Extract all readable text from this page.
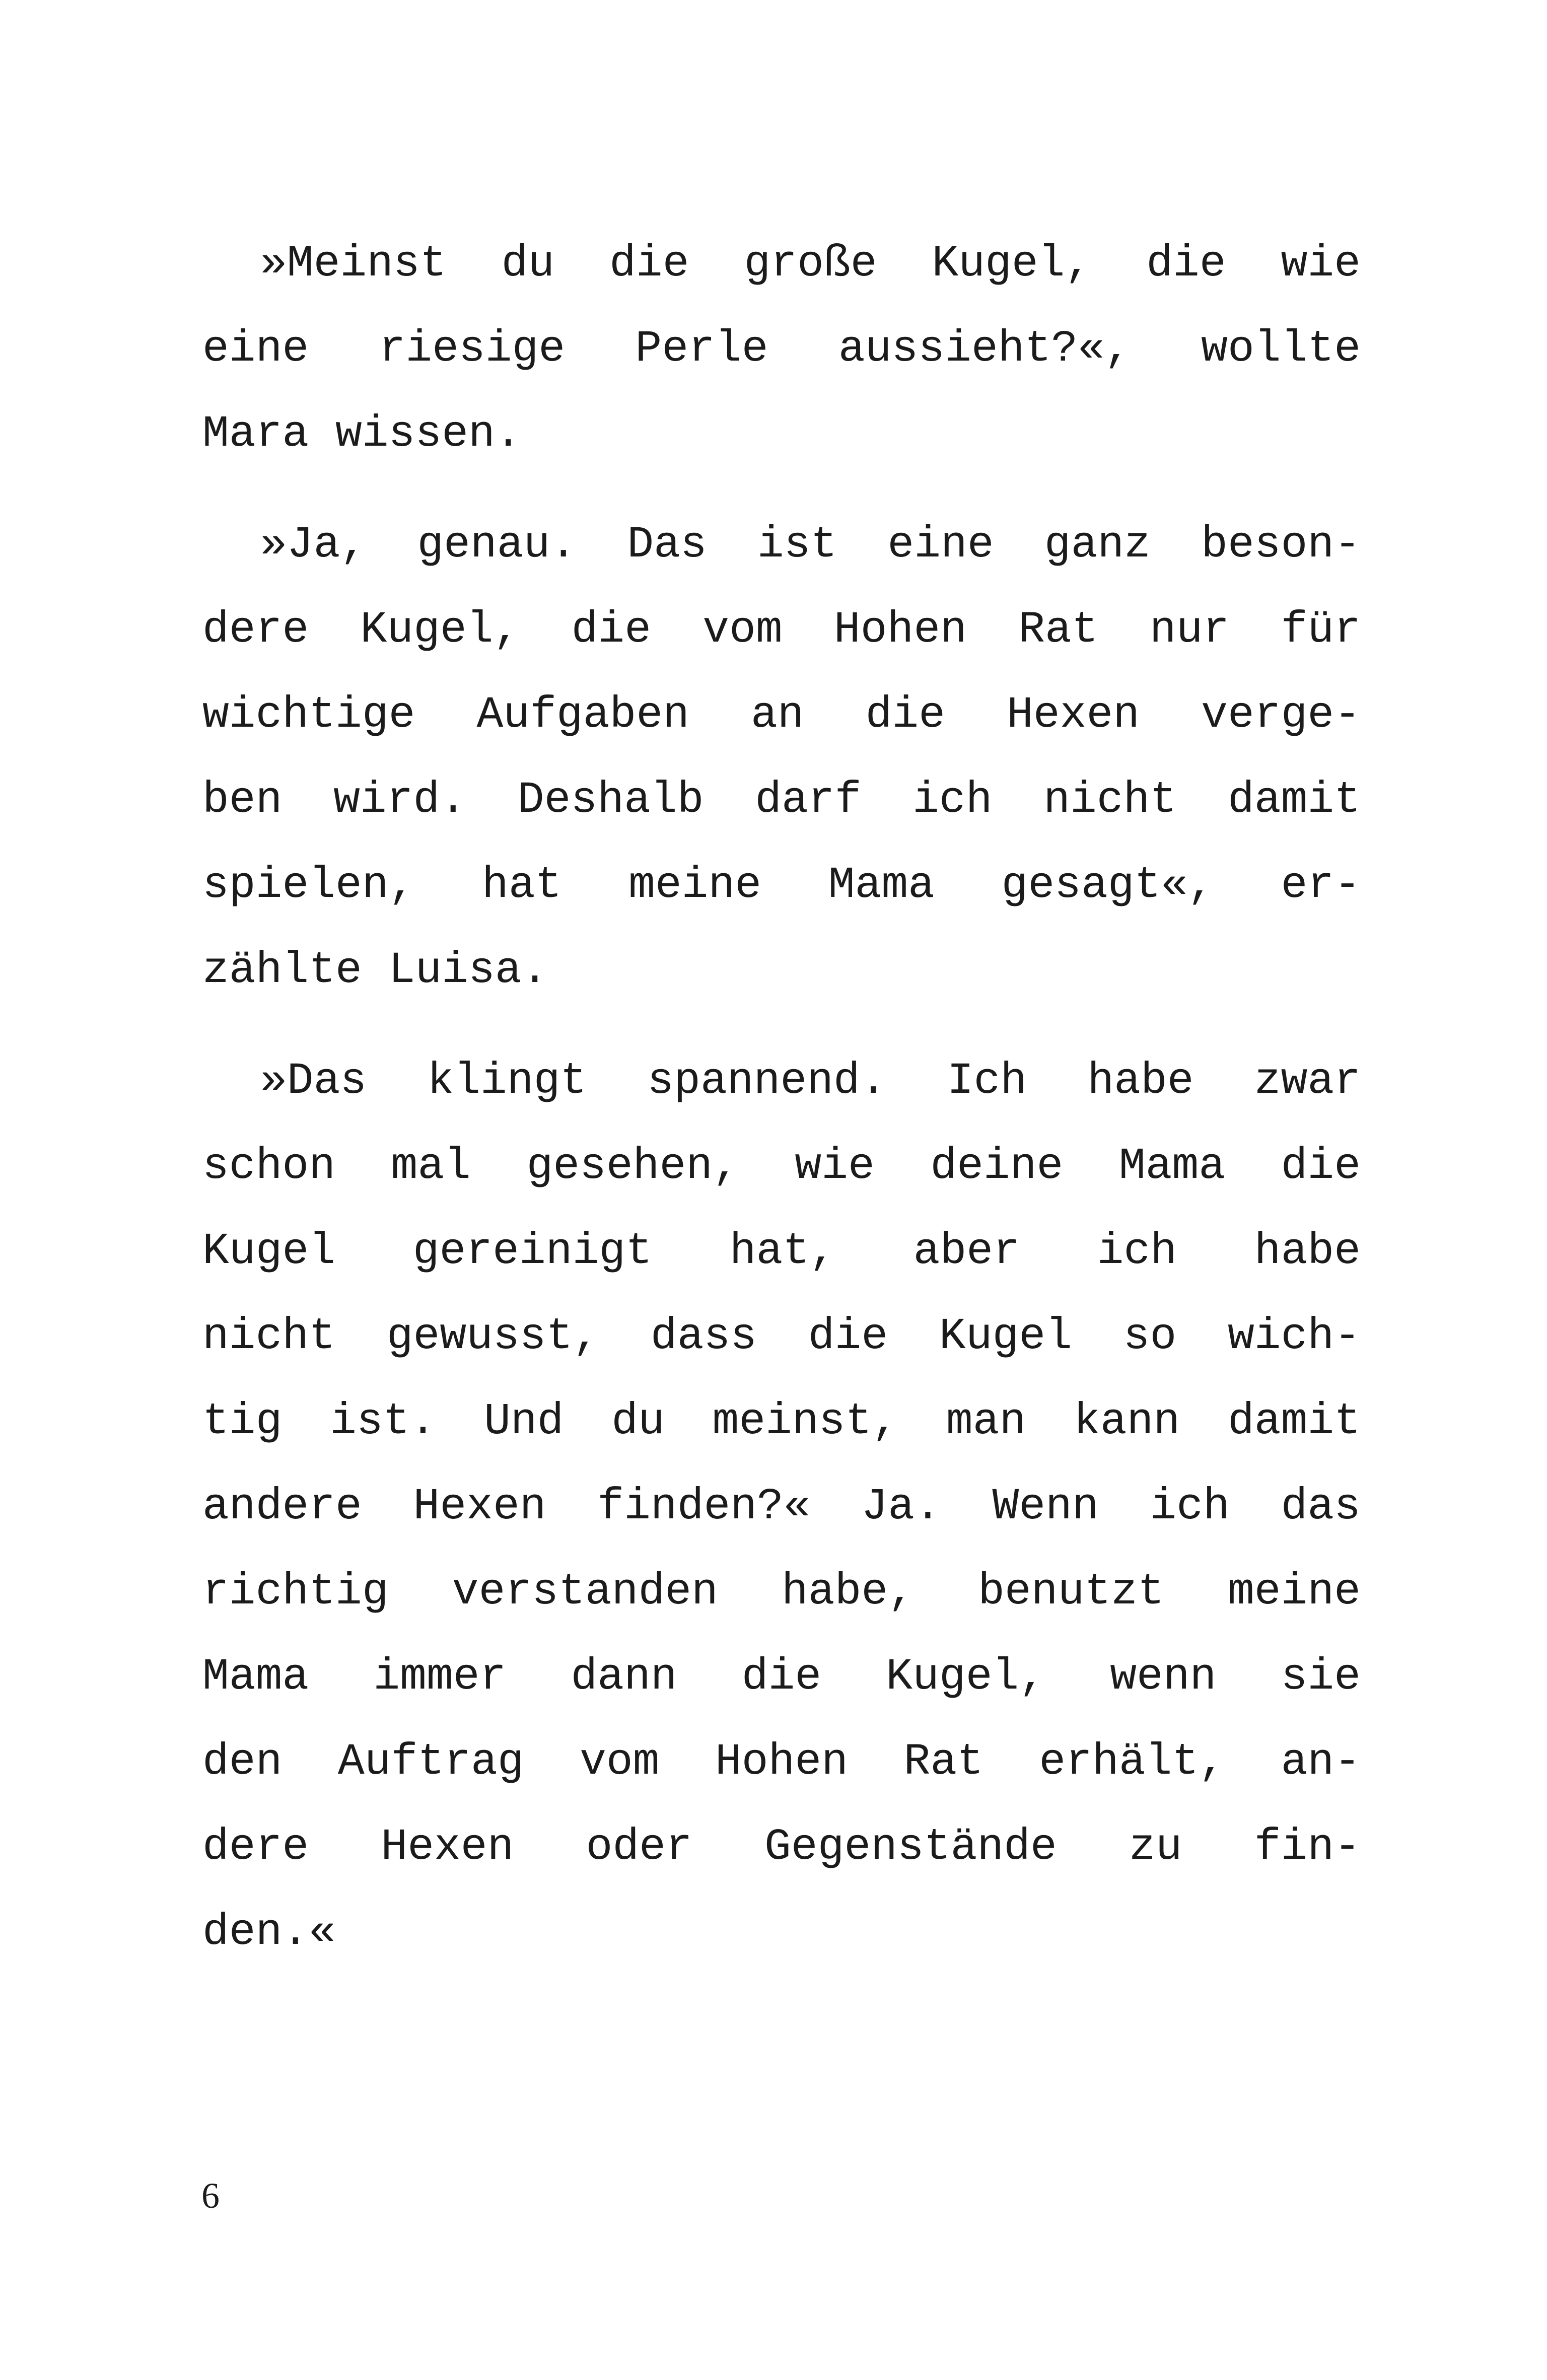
»Meinst du die große Kugel, die wie
eine riesige Perle aussieht?«, wollte
Mara wissen.
»Ja, genau. Das ist eine ganz beson-
dere Kugel, die vom Hohen Rat nur für
wichtige Aufgaben an die Hexen verge-
ben wird. Deshalb darf ich nicht damit
spielen, hat meine Mama gesagt«, er-
zählte Luisa.
»Das klingt spannend. Ich habe zwar
schon mal gesehen, wie deine Mama die
Kugel gereinigt hat, aber ich habe
nicht gewusst, dass die Kugel so wich-
tig ist. Und du meinst, man kann damit
andere Hexen finden?« Ja. Wenn ich das
richtig verstanden habe, benutzt meine
Mama immer dann die Kugel, wenn sie
den Auftrag vom Hohen Rat erhält, an-
dere Hexen oder Gegenstände zu fin-
den.«
6
